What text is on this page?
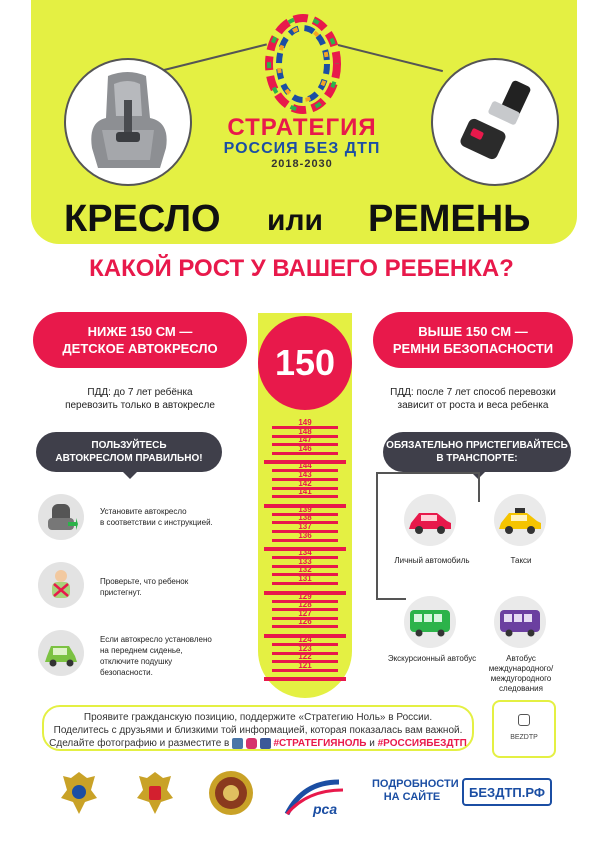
СТРАТЕГИЯ
РОССИЯ БЕЗ ДТП
2018-2030
КРЕСЛО или РЕМЕНЬ
КАКОЙ РОСТ У ВАШЕГО РЕБЕНКА?
НИЖЕ 150 СМ —
ДЕТСКОЕ АВТОКРЕСЛО
ПДД: до 7 лет ребёнка
перевозить только в автокресле
ПОЛЬЗУЙТЕСЬ
АВТОКРЕСЛОМ ПРАВИЛЬНО!
Установите автокресло
в соответствии с инструкцией.
Проверьте, что ребенок
пристегнут.
Если автокресло установлено
на переднем сиденье,
отключите подушку
безопасности.
150
149
148
147
146
144
143
142
141
139
138
137
136
134
133
132
131
129
128
127
126
124
123
122
121
ВЫШЕ 150 СМ —
РЕМНИ БЕЗОПАСНОСТИ
ПДД: после 7 лет способ перевозки
зависит от роста и веса ребенка
ОБЯЗАТЕЛЬНО ПРИСТЕГИВАЙТЕСЬ
В ТРАНСПОРТЕ:
Личный автомобиль	Такси
Экскурсионный автобус	Автобус
международного/
междугородного
следования
Проявите гражданскую позицию, поддержите «Стратегию Ноль» в России.
Поделитесь с друзьями и близкими той информацией, которая показалась вам важной.
Сделайте фотографию и разместите в	#СТРАТЕГИЯНОЛЬ и #РОССИЯБЕЗДТП
BEZDTP
рса
ПОДРОБНОСТИ
НА САЙТЕ	БЕЗДТП.РФ
